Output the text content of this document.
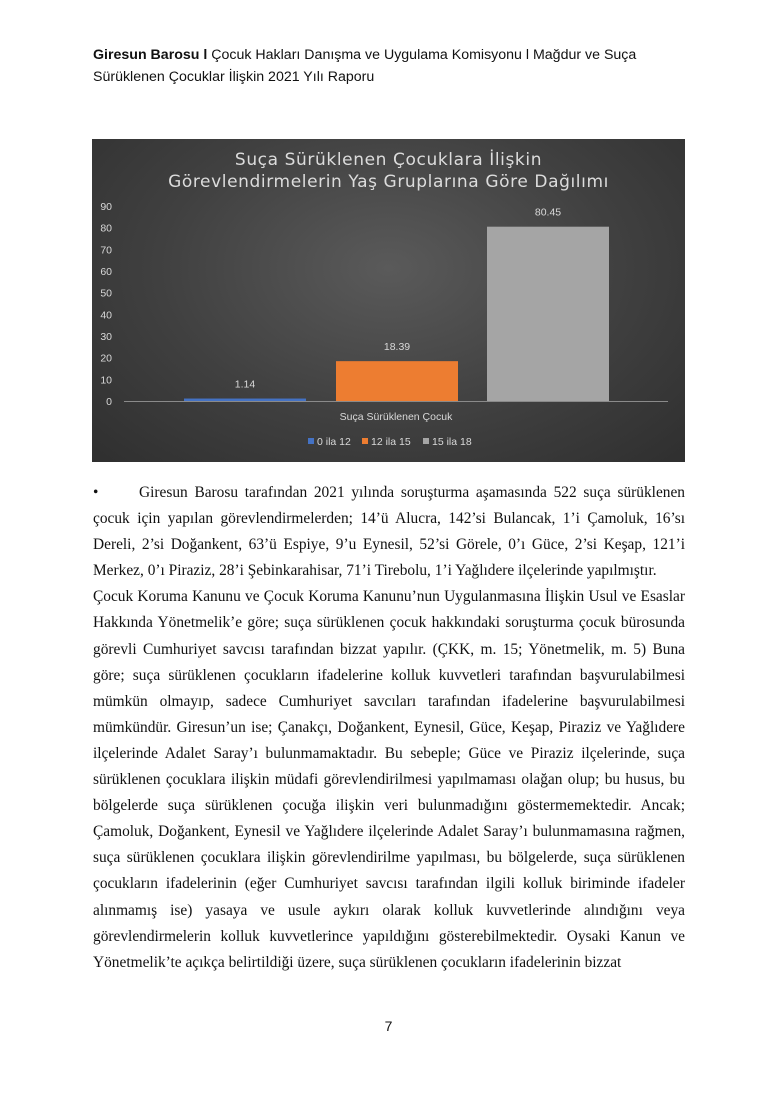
Giresun Barosu l Çocuk Hakları Danışma ve Uygulama Komisyonu l Mağdur ve Suça Sürüklenen Çocuklar İlişkin 2021 Yılı Raporu
Suça Sürüklenen Çocuklara İlişkin
Görevlendirmelerin Yaş Gruplarına Göre Dağılımı
0
10
20
30
40
50
60
70
80
90
1.14
18.39
80.45
Suça Sürüklenen Çocuk
0 ila 12 12 ila 15 15 ila 18

•	Giresun Barosu tarafından 2021 yılında soruşturma aşamasında 522 suça sürüklenen çocuk için yapılan görevlendirmelerden; 14’ü Alucra, 142’si Bulancak, 1’i Çamoluk, 16’sı Dereli, 2’si Doğankent, 63’ü Espiye, 9’u Eynesil, 52’si Görele, 0’ı Güce, 2’si Keşap, 121’i Merkez, 0’ı Piraziz, 28’i Şebinkarahisar, 71’i Tirebolu, 1’i Yağlıdere ilçelerinde yapılmıştır.

Çocuk Koruma Kanunu ve Çocuk Koruma Kanunu’nun Uygulanmasına İlişkin Usul ve Esaslar Hakkında Yönetmelik’e göre; suça sürüklenen çocuk hakkındaki soruşturma çocuk bürosunda görevli Cumhuriyet savcısı tarafından bizzat yapılır. (ÇKK, m. 15; Yönetmelik, m. 5) Buna göre; suça sürüklenen çocukların ifadelerine kolluk kuvvetleri tarafından başvurulabilmesi mümkün olmayıp, sadece Cumhuriyet savcıları tarafından ifadelerine başvurulabilmesi mümkündür. Giresun’un ise; Çanakçı, Doğankent, Eynesil, Güce, Keşap, Piraziz ve Yağlıdere ilçelerinde Adalet Saray’ı bulunmamaktadır. Bu sebeple; Güce ve Piraziz ilçelerinde, suça sürüklenen çocuklara ilişkin müdafi görevlendirilmesi yapılmaması olağan olup; bu husus, bu bölgelerde suça sürüklenen çocuğa ilişkin veri bulunmadığını göstermemektedir. Ancak; Çamoluk, Doğankent, Eynesil ve Yağlıdere ilçelerinde Adalet Saray’ı bulunmamasına rağmen, suça sürüklenen çocuklara ilişkin görevlendirilme yapılması, bu bölgelerde, suça sürüklenen çocukların ifadelerinin (eğer Cumhuriyet savcısı tarafından ilgili kolluk biriminde ifadeler alınmamış ise) yasaya ve usule aykırı olarak kolluk kuvvetlerinde alındığını veya görevlendirmelerin kolluk kuvvetlerince yapıldığını gösterebilmektedir. Oysaki Kanun ve Yönetmelik’te açıkça belirtildiği üzere, suça sürüklenen çocukların ifadelerinin bizzat

7
